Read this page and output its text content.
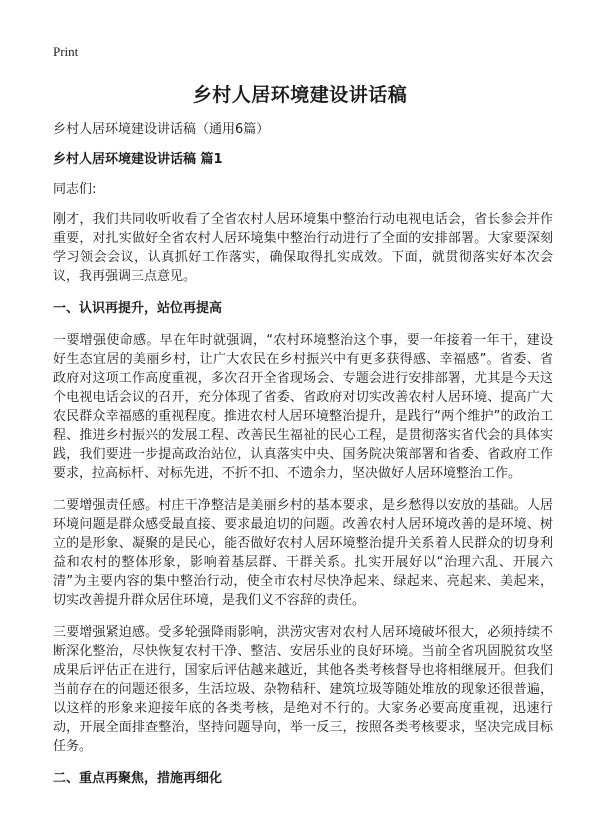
Print
乡村人居环境建设讲话稿

乡村人居环境建设讲话稿（通用6篇）

乡村人居环境建设讲话稿 篇1

同志们:

刚才，我们共同收听收看了全省农村人居环境集中整治行动电视电话会，省长参会并作重要，对扎实做好全省农村人居环境集中整治行动进行了全面的安排部署。大家要深刻学习领会会议，认真抓好工作落实，确保取得扎实成效。下面，就贯彻落实好本次会议，我再强调三点意见。

一、认识再提升，站位再提高

一要增强使命感。早在年时就强调，“农村环境整治这个事，要一年接着一年干，建设好生态宜居的美丽乡村，让广大农民在乡村振兴中有更多获得感、幸福感”。省委、省政府对这项工作高度重视，多次召开全省现场会、专题会进行安排部署，尤其是今天这个电视电话会议的召开，充分体现了省委、省政府对切实改善农村人居环境、提高广大农民群众幸福感的重视程度。推进农村人居环境整治提升，是践行“两个维护”的政治工程、推进乡村振兴的发展工程、改善民生福祉的民心工程，是贯彻落实省代会的具体实践，我们要进一步提高政治站位，认真落实中央、国务院决策部署和省委、省政府工作要求，拉高标杆、对标先进，不折不扣、不遗余力，坚决做好人居环境整治工作。

二要增强责任感。村庄干净整洁是美丽乡村的基本要求，是乡愁得以安放的基础。人居环境问题是群众感受最直接、要求最迫切的问题。改善农村人居环境改善的是环境、树立的是形象、凝聚的是民心，能否做好农村人居环境整治提升关系着人民群众的切身利益和农村的整体形象，影响着基层群、干群关系。扎实开展好以“治理六乱、开展六清”为主要内容的集中整治行动，使全市农村尽快净起来、绿起来、亮起来、美起来，切实改善提升群众居住环境，是我们义不容辞的责任。

三要增强紧迫感。受多轮强降雨影响，洪涝灾害对农村人居环境破坏很大，必须持续不断深化整治，尽快恢复农村干净、整洁、安居乐业的良好环境。当前全省巩固脱贫攻坚成果后评估正在进行，国家后评估越来越近，其他各类考核督导也将相继展开。但我们当前存在的问题还很多，生活垃圾、杂物秸秆、建筑垃圾等随处堆放的现象还很普遍，以这样的形象来迎接年底的各类考核，是绝对不行的。大家务必要高度重视，迅速行动，开展全面排查整治，坚持问题导向，举一反三，按照各类考核要求，坚决完成目标任务。

二、重点再聚焦，措施再细化
